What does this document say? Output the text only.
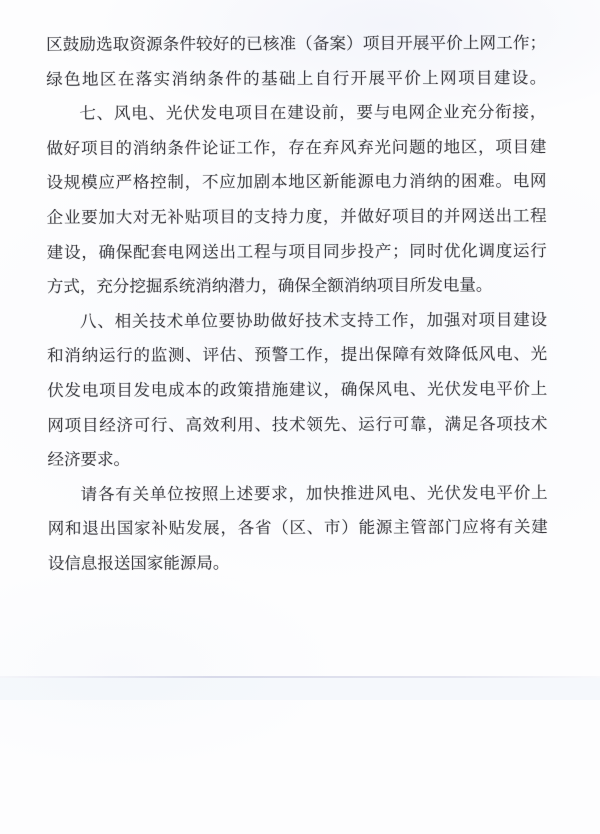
区鼓励选取资源条件较好的已核准（备案）项目开展平价上网工作；
绿色地区在落实消纳条件的基础上自行开展平价上网项目建设。
七、风电、光伏发电项目在建设前，要与电网企业充分衔接，
做好项目的消纳条件论证工作，存在弃风弃光问题的地区，项目建
设规模应严格控制，不应加剧本地区新能源电力消纳的困难。电网
企业要加大对无补贴项目的支持力度，并做好项目的并网送出工程
建设，确保配套电网送出工程与项目同步投产；同时优化调度运行
方式，充分挖掘系统消纳潜力，确保全额消纳项目所发电量。
八、相关技术单位要协助做好技术支持工作，加强对项目建设
和消纳运行的监测、评估、预警工作，提出保障有效降低风电、光
伏发电项目发电成本的政策措施建议，确保风电、光伏发电平价上
网项目经济可行、高效利用、技术领先、运行可靠，满足各项技术
经济要求。
请各有关单位按照上述要求，加快推进风电、光伏发电平价上
网和退出国家补贴发展，各省（区、市）能源主管部门应将有关建
设信息报送国家能源局。
